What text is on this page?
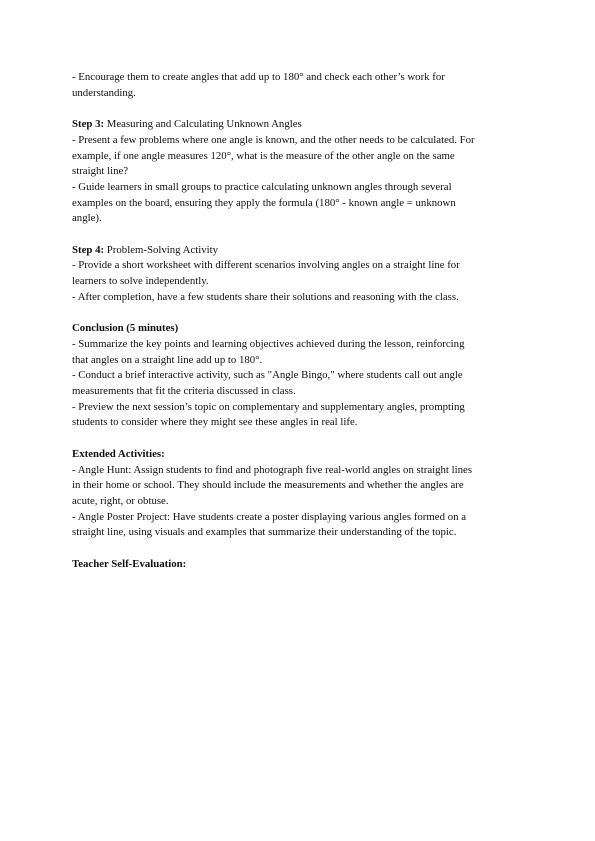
- Encourage them to create angles that add up to 180° and check each other’s work for
understanding.
Step 3: Measuring and Calculating Unknown Angles
- Present a few problems where one angle is known, and the other needs to be calculated. For
example, if one angle measures 120°, what is the measure of the other angle on the same
straight line?
- Guide learners in small groups to practice calculating unknown angles through several
examples on the board, ensuring they apply the formula (180° - known angle = unknown
angle).
Step 4: Problem-Solving Activity
- Provide a short worksheet with different scenarios involving angles on a straight line for
learners to solve independently.
- After completion, have a few students share their solutions and reasoning with the class.
Conclusion (5 minutes)
- Summarize the key points and learning objectives achieved during the lesson, reinforcing
that angles on a straight line add up to 180°.
- Conduct a brief interactive activity, such as "Angle Bingo," where students call out angle
measurements that fit the criteria discussed in class.
- Preview the next session’s topic on complementary and supplementary angles, prompting
students to consider where they might see these angles in real life.
Extended Activities:
- Angle Hunt: Assign students to find and photograph five real-world angles on straight lines
in their home or school. They should include the measurements and whether the angles are
acute, right, or obtuse.
- Angle Poster Project: Have students create a poster displaying various angles formed on a
straight line, using visuals and examples that summarize their understanding of the topic.
Teacher Self-Evaluation:
